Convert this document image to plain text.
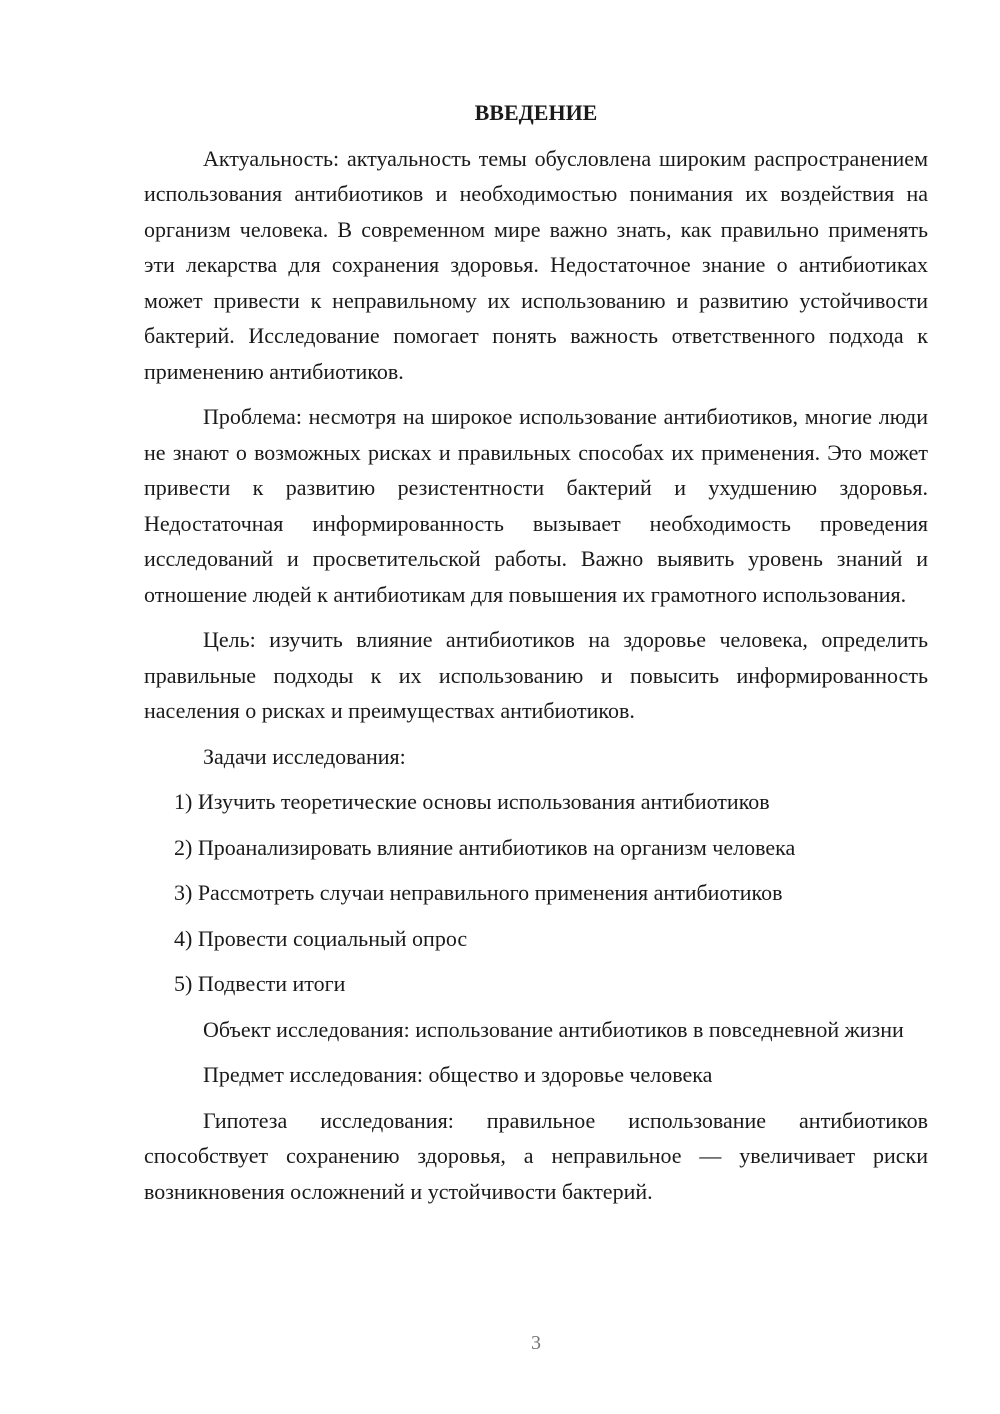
ВВЕДЕНИЕ

Актуальность: актуальность темы обусловлена широким распространением использования антибиотиков и необходимостью понимания их воздействия на организм человека. В современном мире важно знать, как правильно применять эти лекарства для сохранения здоровья. Недостаточное знание о антибиотиках может привести к неправильному их использованию и развитию устойчивости бактерий. Исследование помогает понять важность ответственного подхода к применению антибиотиков.

Проблема: несмотря на широкое использование антибиотиков, многие люди не знают о возможных рисках и правильных способах их применения. Это может привести к развитию резистентности бактерий и ухудшению здоровья. Недостаточная информированность вызывает необходимость проведения исследований и просветительской работы. Важно выявить уровень знаний и отношение людей к антибиотикам для повышения их грамотного использования.

Цель: изучить влияние антибиотиков на здоровье человека, определить правильные подходы к их использованию и повысить информированность населения о рисках и преимуществах антибиотиков.

Задачи исследования:

1) Изучить теоретические основы использования антибиотиков
2) Проанализировать влияние антибиотиков на организм человека
3) Рассмотреть случаи неправильного применения антибиотиков
4) Провести социальный опрос
5) Подвести итоги

Объект исследования: использование антибиотиков в повседневной жизни

Предмет исследования: общество и здоровье человека

Гипотеза исследования: правильное использование антибиотиков способствует сохранению здоровья, а неправильное — увеличивает риски возникновения осложнений и устойчивости бактерий.

3
